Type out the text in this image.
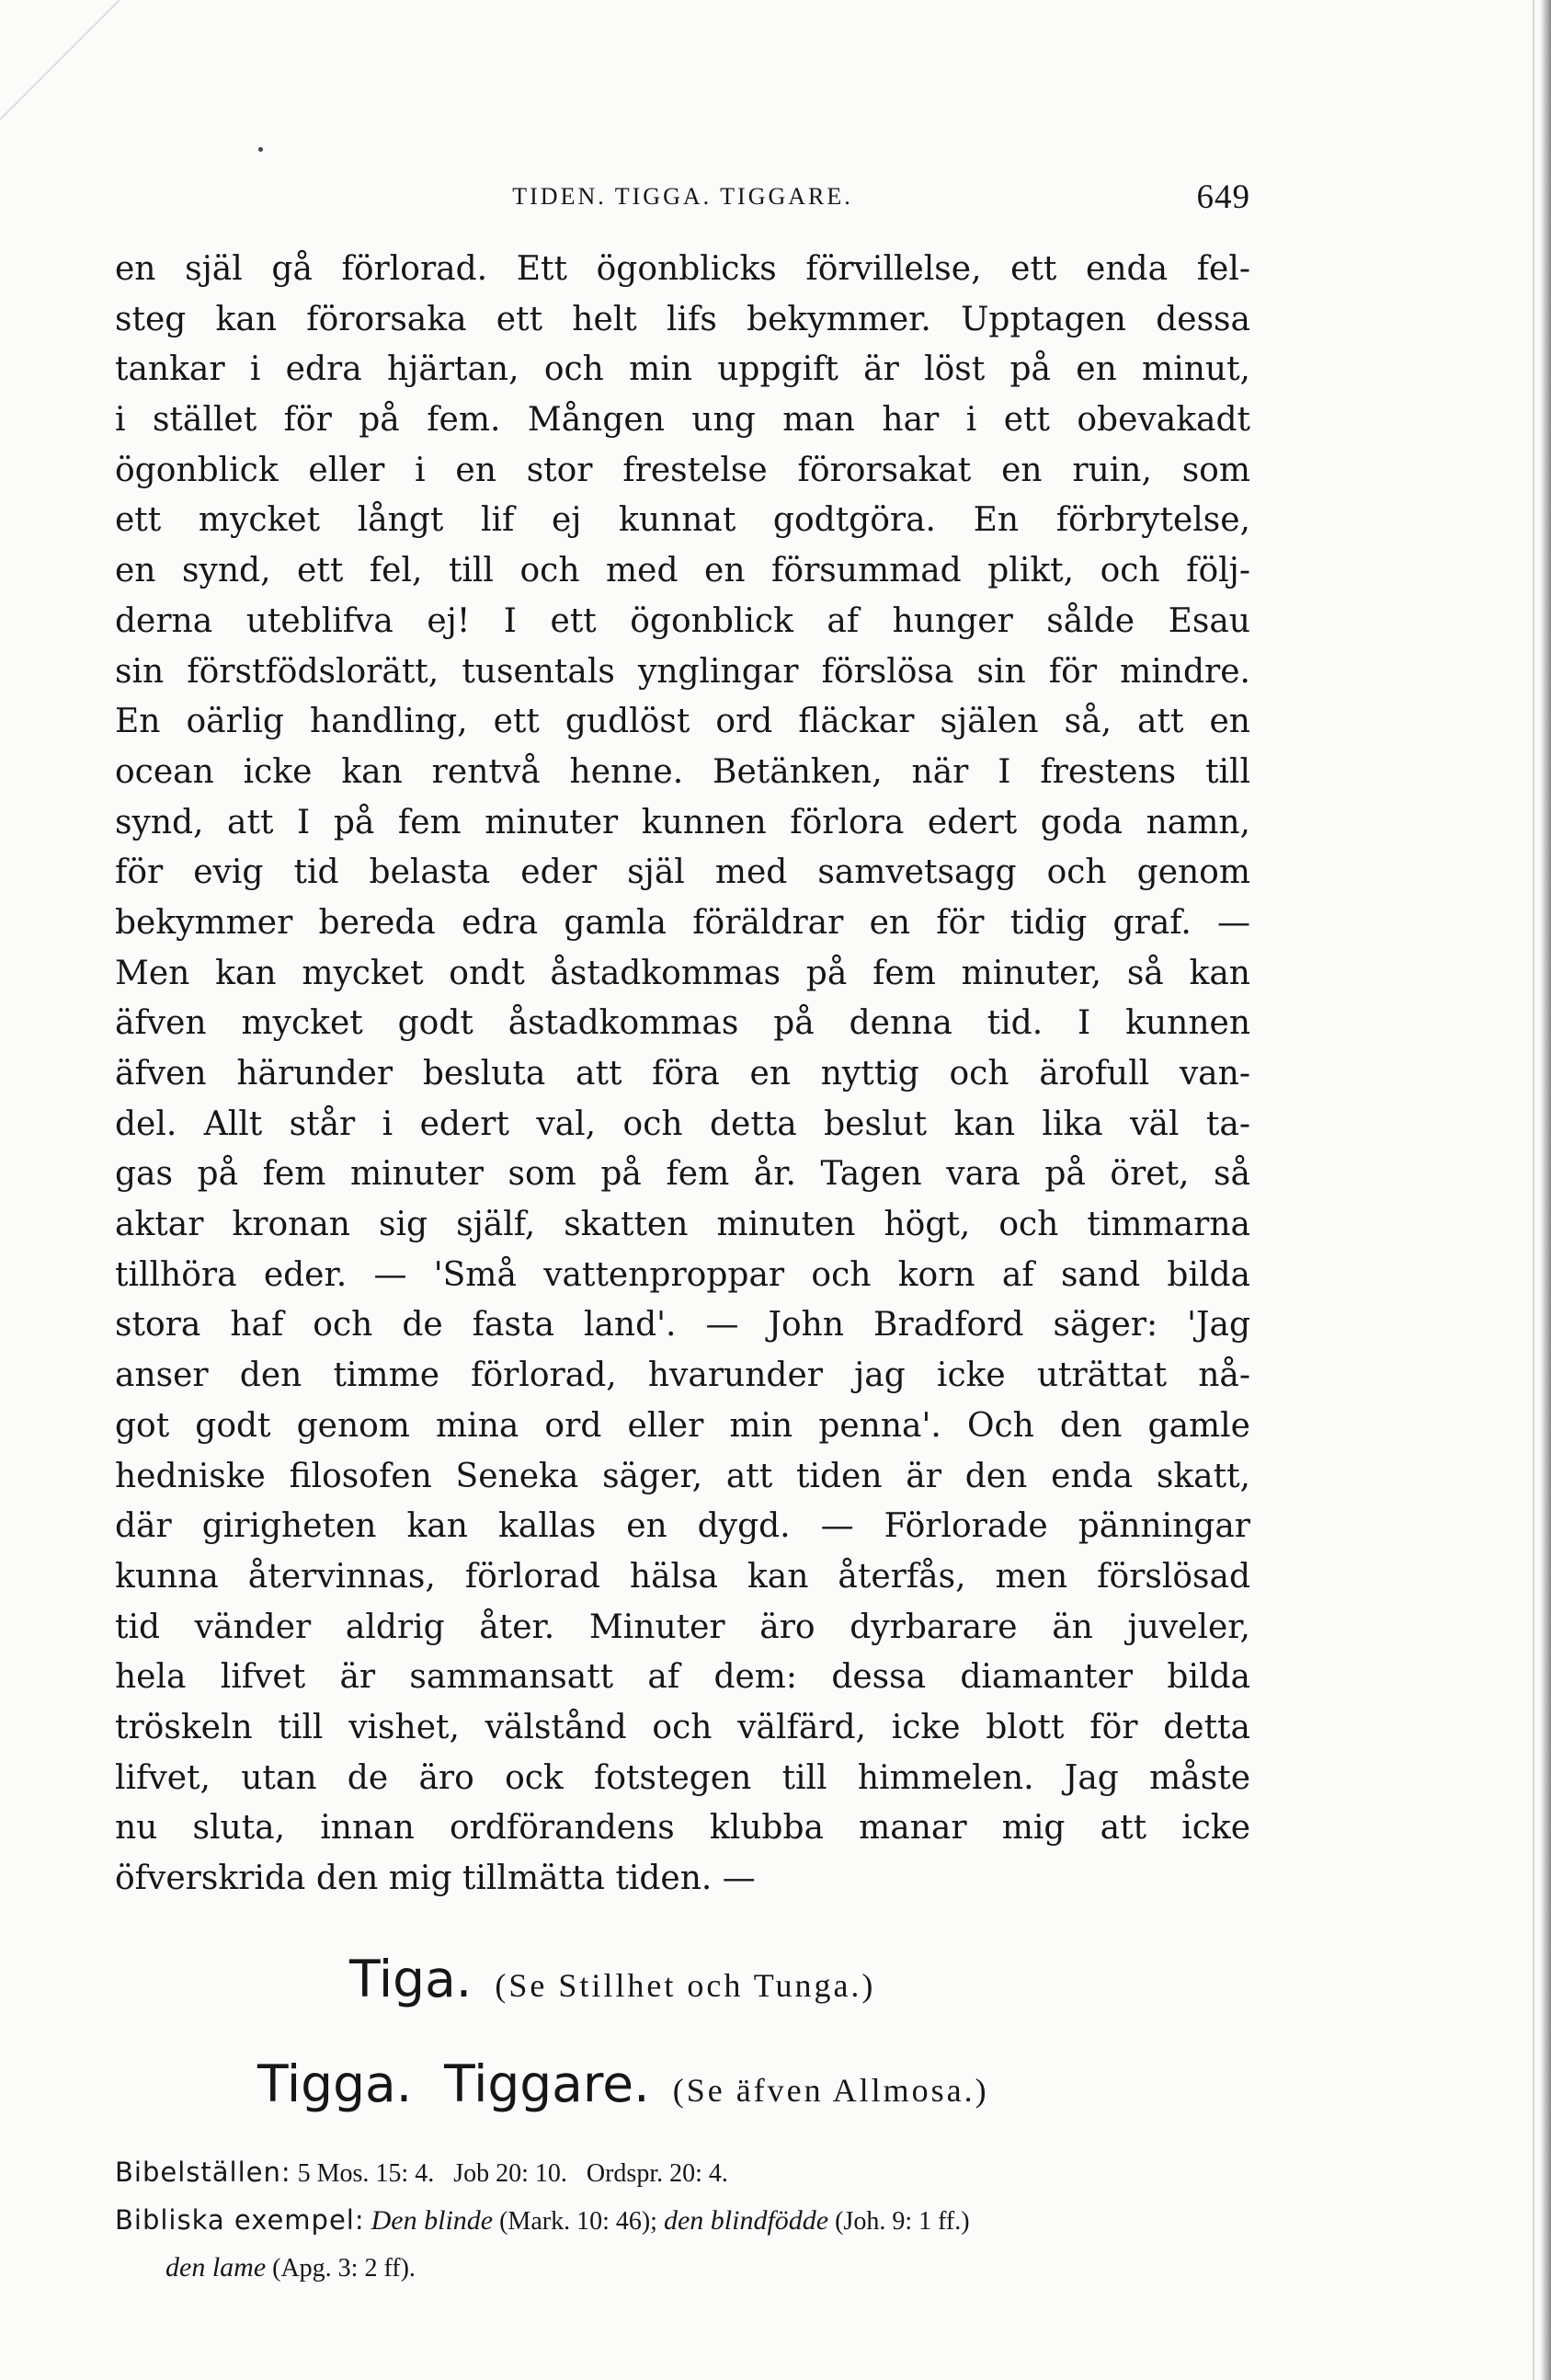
TIDEN. TIGGA. TIGGARE.	649
en själ gå förlorad. Ett ögonblicks förvillelse, ett enda fel-
steg kan förorsaka ett helt lifs bekymmer. Upptagen dessa
tankar i edra hjärtan, och min uppgift är löst på en minut,
i stället för på fem. Mången ung man har i ett obevakadt
ögonblick eller i en stor frestelse förorsakat en ruin, som
ett mycket långt lif ej kunnat godtgöra. En förbrytelse,
en synd, ett fel, till och med en försummad plikt, och följ-
derna uteblifva ej! I ett ögonblick af hunger sålde Esau
sin förstfödslorätt, tusentals ynglingar förslösa sin för mindre.
En oärlig handling, ett gudlöst ord fläckar själen så, att en
ocean icke kan rentvå henne. Betänken, när I frestens till
synd, att I på fem minuter kunnen förlora edert goda namn,
för evig tid belasta eder själ med samvetsagg och genom
bekymmer bereda edra gamla föräldrar en för tidig graf. —
Men kan mycket ondt åstadkommas på fem minuter, så kan
äfven mycket godt åstadkommas på denna tid. I kunnen
äfven härunder besluta att föra en nyttig och ärofull van-
del. Allt står i edert val, och detta beslut kan lika väl ta-
gas på fem minuter som på fem år. Tagen vara på öret, så
aktar kronan sig själf, skatten minuten högt, och timmarna
tillhöra eder. — 'Små vattenproppar och korn af sand bilda
stora haf och de fasta land'. — John Bradford säger: 'Jag
anser den timme förlorad, hvarunder jag icke uträttat nå-
got godt genom mina ord eller min penna'. Och den gamle
hedniske filosofen Seneka säger, att tiden är den enda skatt,
där girigheten kan kallas en dygd. — Förlorade pänningar
kunna återvinnas, förlorad hälsa kan återfås, men förslösad
tid vänder aldrig åter. Minuter äro dyrbarare än juveler,
hela lifvet är sammansatt af dem: dessa diamanter bilda
tröskeln till vishet, välstånd och välfärd, icke blott för detta
lifvet, utan de äro ock fotstegen till himmelen. Jag måste
nu sluta, innan ordförandens klubba manar mig att icke
öfverskrida den mig tillmätta tiden. —
Tiga. (Se Stillhet och Tunga.)
Tigga.  Tiggare. (Se äfven Allmosa.)
Bibelställen: 5 Mos. 15: 4.   Job 20: 10.   Ordspr. 20: 4.
Bibliska exempel: Den blinde (Mark. 10: 46); den blindfödde (Joh. 9: 1 ff.)
den lame (Apg. 3: 2 ff).
